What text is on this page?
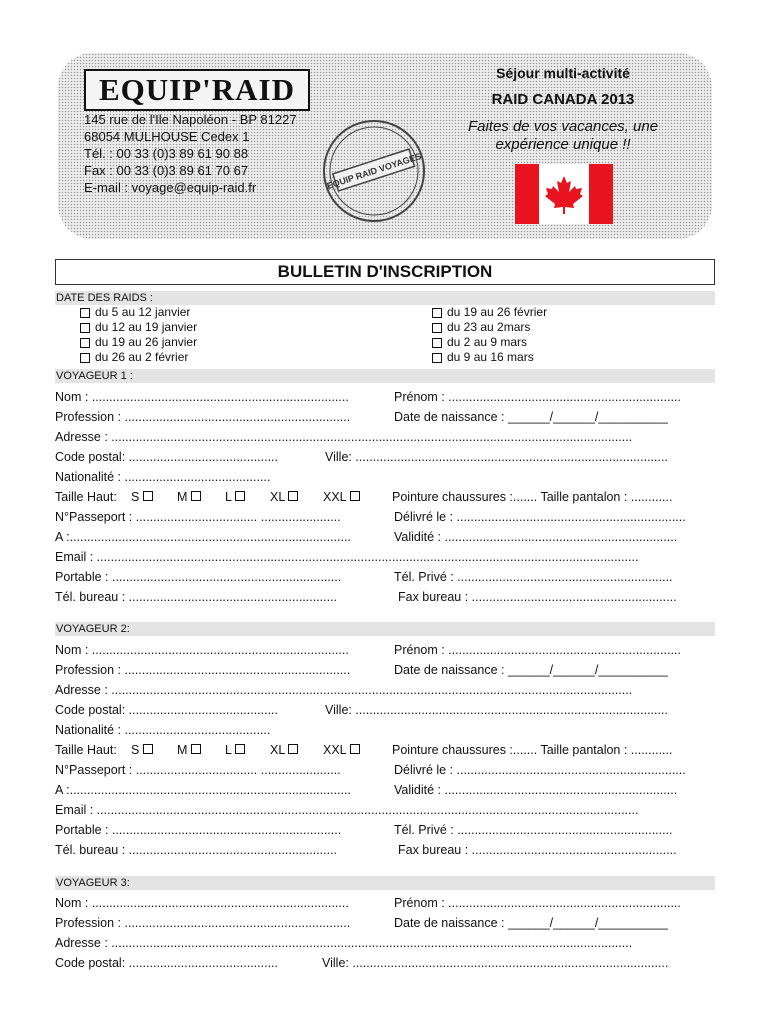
EQUIP'RAID
145 rue de l'Ile Napoléon - BP 81227
68054 MULHOUSE Cedex 1
Tél. : 00 33 (0)3 89 61 90 88
Fax : 00 33 (0)3 89 61 70 67
E-mail : voyage@equip-raid.fr	EQUIP RAID VOYAGES
Séjour multi-activité
RAID CANADA 2013
Faites de vos vacances, une expérience unique !!
BULLETIN D'INSCRIPTION
DATE DES RAIDS :
du 5 au 12 janvier
du 12 au 19 janvier
du 19 au 26 janvier
du 26 au 2 février
du 19 au 26 février
du 23 au 2mars
du 2 au 9 mars
du 9 au 16 mars
VOYAGEUR 1 :
Nom : ..........................................................................	Prénom : ...................................................................
Profession : .................................................................	Date de naissance : ______/______/__________
Adresse : ......................................................................................................................................................
Code postal: ...........................................	Ville: ..........................................................................................
Nationalité : ..........................................
Taille Haut: S	M	L	XL	XXL	Pointure chaussures :....... Taille pantalon : ............
N°Passeport : ................................... .......................	Délivré le : ..................................................................
A :.................................................................................	Validité : ...................................................................
Email : ............................................................................................................................................................
Portable : ..................................................................	Tél. Privé : ..............................................................
Tél. bureau : ............................................................	Fax bureau : ...........................................................
VOYAGEUR 2:
Nom : ..........................................................................	Prénom : ...................................................................
Profession : .................................................................	Date de naissance : ______/______/__________
Adresse : ......................................................................................................................................................
Code postal: ...........................................	Ville: ..........................................................................................
Nationalité : ..........................................
Taille Haut: S	M	L	XL	XXL	Pointure chaussures :....... Taille pantalon : ............
N°Passeport : ................................... .......................	Délivré le : ..................................................................
A :.................................................................................	Validité : ...................................................................
Email : ............................................................................................................................................................
Portable : ..................................................................	Tél. Privé : ..............................................................
Tél. bureau : ............................................................	Fax bureau : ...........................................................
VOYAGEUR 3:
Nom : ..........................................................................	Prénom : ...................................................................
Profession : .................................................................	Date de naissance : ______/______/__________
Adresse : ......................................................................................................................................................
Code postal: ...........................................	Ville: ...........................................................................................
